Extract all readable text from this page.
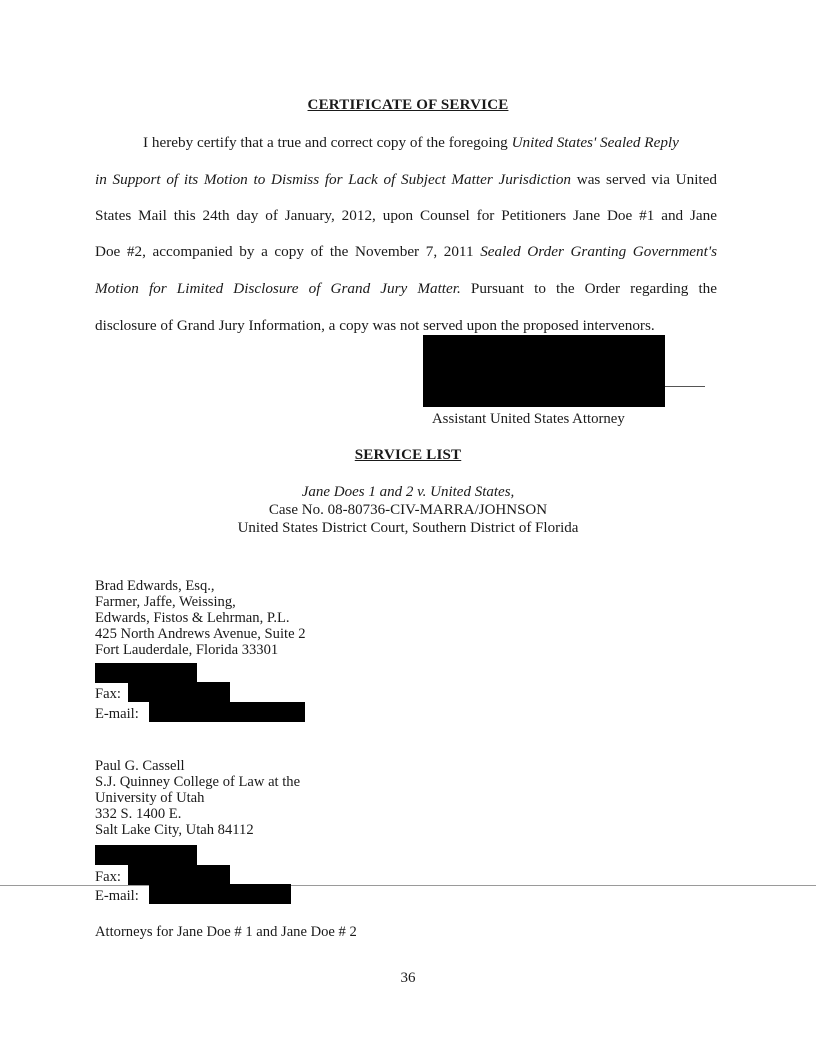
CERTIFICATE OF SERVICE
I hereby certify that a true and correct copy of the foregoing United States' Sealed Reply
in Support of its Motion to Dismiss for Lack of Subject Matter Jurisdiction was served via United
States Mail this 24th day of January, 2012, upon Counsel for Petitioners Jane Doe #1 and Jane
Doe #2, accompanied by a copy of the November 7, 2011 Sealed Order Granting Government's
Motion for Limited Disclosure of Grand Jury Matter. Pursuant to the Order regarding the
disclosure of Grand Jury Information, a copy was not served upon the proposed intervenors.
Assistant United States Attorney
SERVICE LIST
Jane Does 1 and 2 v. United States,
Case No. 08-80736-CIV-MARRA/JOHNSON
United States District Court, Southern District of Florida
Brad Edwards, Esq.,
Farmer, Jaffe, Weissing,
Edwards, Fistos & Lehrman, P.L.
425 North Andrews Avenue, Suite 2
Fort Lauderdale, Florida 33301
Fax:
E-mail:
Paul G. Cassell
S.J. Quinney College of Law at the
University of Utah
332 S. 1400 E.
Salt Lake City, Utah 84112
Fax:
E-mail:
Attorneys for Jane Doe # 1 and Jane Doe # 2
36
